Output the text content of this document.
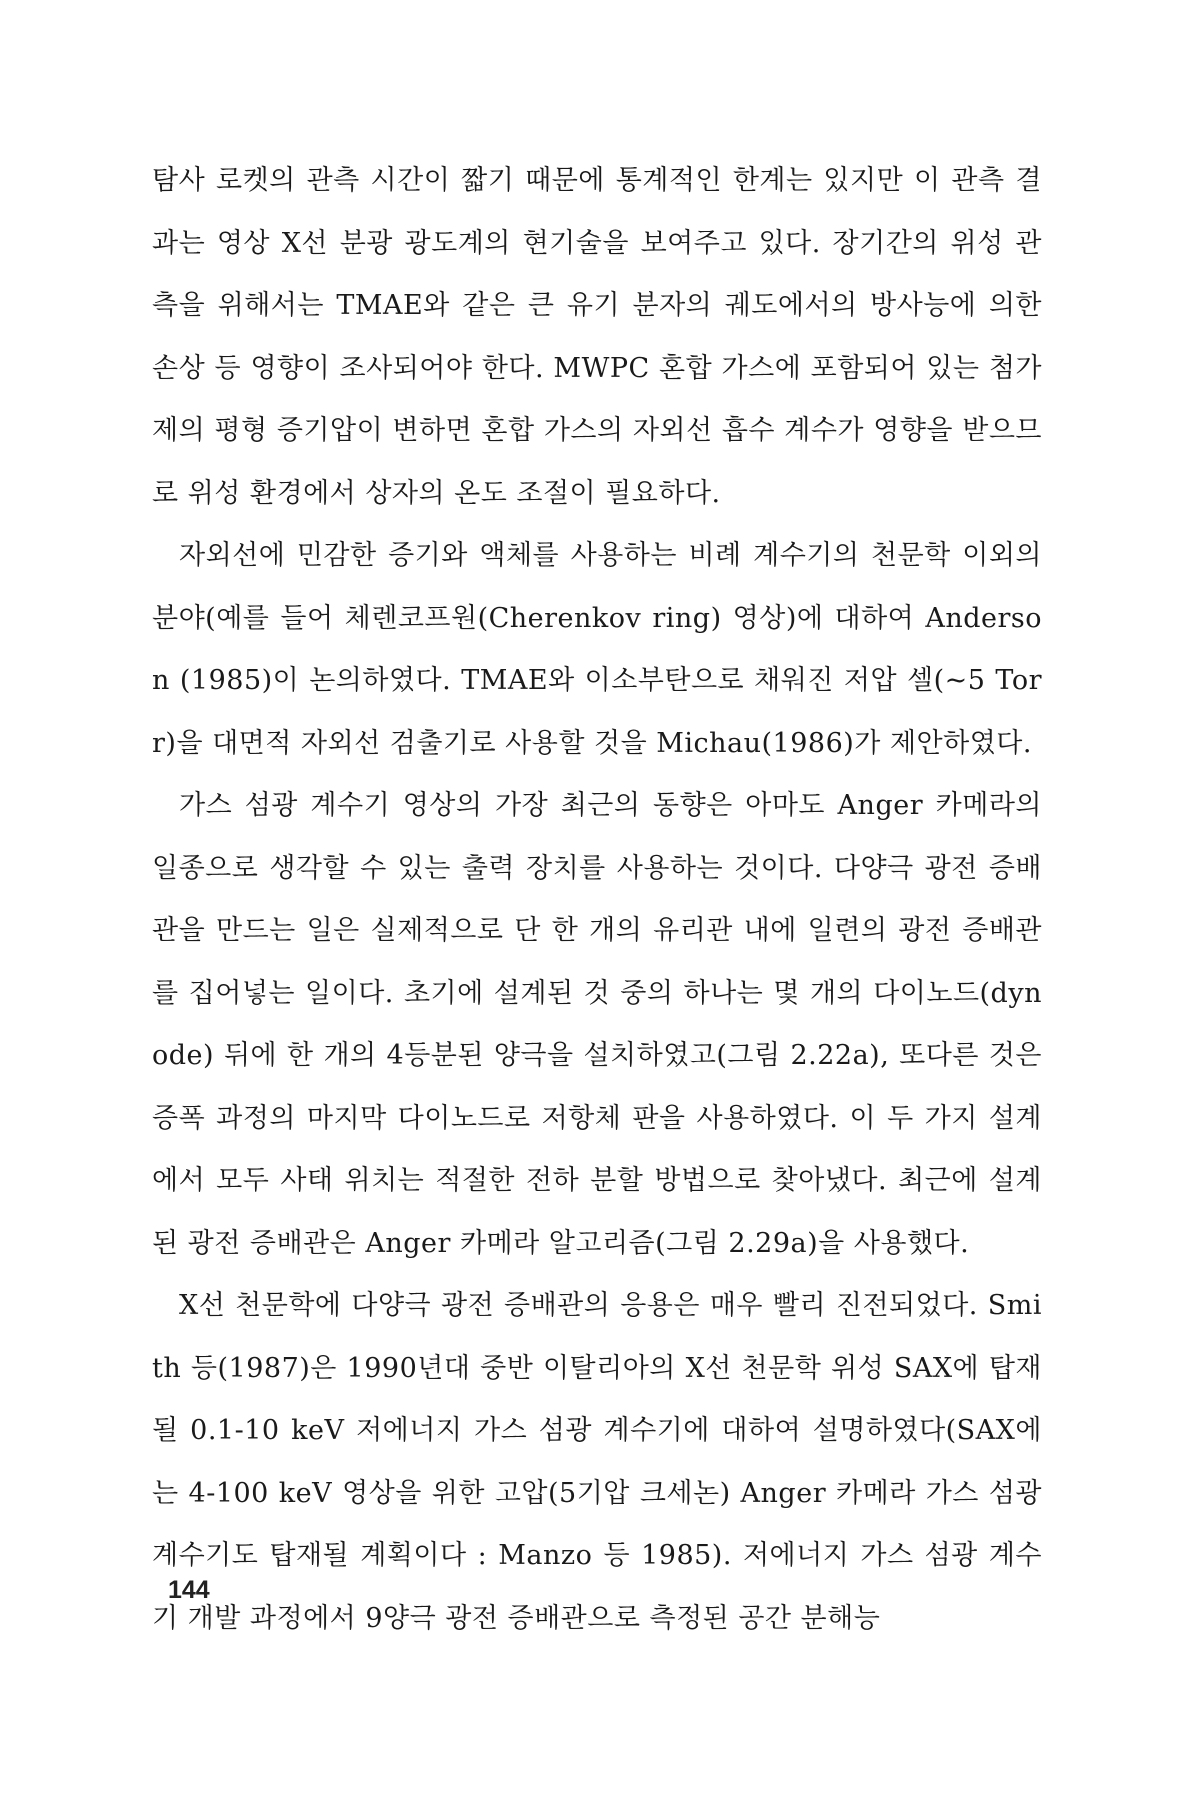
탐사 로켓의 관측 시간이 짧기 때문에 통계적인 한계는 있지만 이 관측 결과는 영상 X선 분광 광도계의 현기술을 보여주고 있다. 장기간의 위성 관측을 위해서는 TMAE와 같은 큰 유기 분자의 궤도에서의 방사능에 의한 손상 등 영향이 조사되어야 한다. MWPC 혼합 가스에 포함되어 있는 첨가제의 평형 증기압이 변하면 혼합 가스의 자외선 흡수 계수가 영향을 받으므로 위성 환경에서 상자의 온도 조절이 필요하다.

자외선에 민감한 증기와 액체를 사용하는 비례 계수기의 천문학 이외의 분야(예를 들어 체렌코프원(Cherenkov ring) 영상)에 대하여 Anderson (1985)이 논의하였다. TMAE와 이소부탄으로 채워진 저압 셀(~5 Torr)을 대면적 자외선 검출기로 사용할 것을 Michau(1986)가 제안하였다.

가스 섬광 계수기 영상의 가장 최근의 동향은 아마도 Anger 카메라의 일종으로 생각할 수 있는 출력 장치를 사용하는 것이다. 다양극 광전 증배관을 만드는 일은 실제적으로 단 한 개의 유리관 내에 일련의 광전 증배관를 집어넣는 일이다. 초기에 설계된 것 중의 하나는 몇 개의 다이노드(dynode) 뒤에 한 개의 4등분된 양극을 설치하였고(그림 2.22a), 또다른 것은 증폭 과정의 마지막 다이노드로 저항체 판을 사용하였다. 이 두 가지 설계에서 모두 사태 위치는 적절한 전하 분할 방법으로 찾아냈다. 최근에 설계된 광전 증배관은 Anger 카메라 알고리즘(그림 2.29a)을 사용했다.

X선 천문학에 다양극 광전 증배관의 응용은 매우 빨리 진전되었다. Smith 등(1987)은 1990년대 중반 이탈리아의 X선 천문학 위성 SAX에 탑재될 0.1-10 keV 저에너지 가스 섬광 계수기에 대하여 설명하였다(SAX에는 4-100 keV 영상을 위한 고압(5기압 크세논) Anger 카메라 가스 섬광 계수기도 탑재될 계획이다 : Manzo 등 1985). 저에너지 가스 섬광 계수기 개발 과정에서 9양극 광전 증배관으로 측정된 공간 분해능

144
